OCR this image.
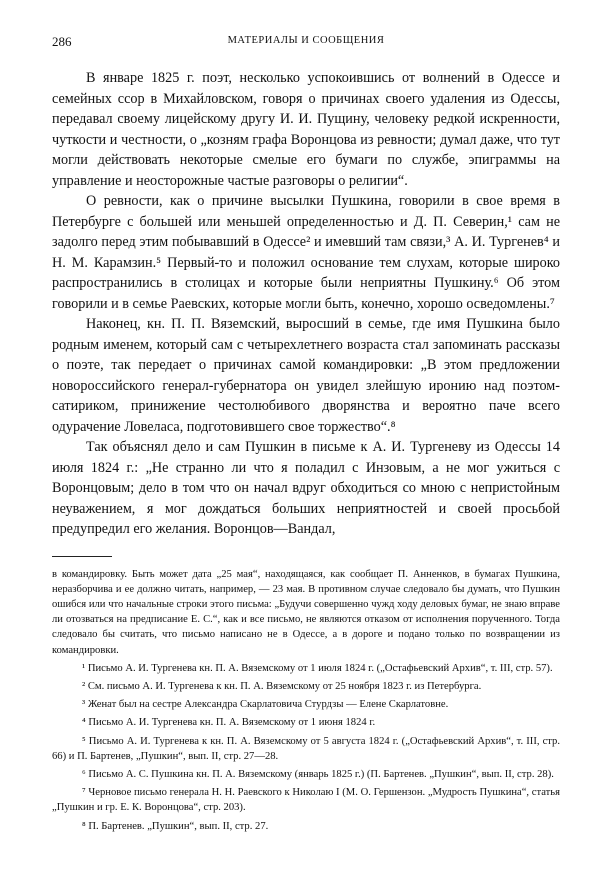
286	МАТЕРИАЛЫ И СООБЩЕНИЯ

В январе 1825 г. поэт, несколько успокоившись от волнений в Одессе и семейных ссор в Михайловском, говоря о причинах своего удаления из Одессы, передавал своему лицейскому другу И. И. Пущину, человеку редкой искренности, чуткости и честности, о „козням графа Воронцова из ревности; думал даже, что тут могли действовать некоторые смелые его бумаги по службе, эпиграммы на управление и неосторожные частые разговоры о религии“.

О ревности, как о причине высылки Пушкина, говорили в свое время в Петербурге с большей или меньшей определенностью и Д. П. Северин,¹ сам не задолго перед этим побывавший в Одессе² и имевший там связи,³ А. И. Тургенев⁴ и Н. М. Карамзин.⁵ Первый-то и положил основание тем слухам, которые широко распространились в столицах и которые были неприятны Пушкину.⁶ Об этом говорили и в семье Раевских, которые могли быть, конечно, хорошо осведомлены.⁷

Наконец, кн. П. П. Вяземский, выросший в семье, где имя Пушкина было родным именем, который сам с четырехлетнего возраста стал запоминать рассказы о поэте, так передает о причинах самой командировки: „В этом предложении новороссийского генерал-губернатора он увидел злейшую иронию над поэтом-сатириком, принижение честолюбивого дворянства и вероятно паче всего одурачение Ловеласа, подготовившего свое торжество“.⁸

Так объяснял дело и сам Пушкин в письме к А. И. Тургеневу из Одессы 14 июля 1824 г.: „Не странно ли что я поладил с Инзовым, а не мог ужиться с Воронцовым; дело в том что он начал вдруг обходиться со мною с непристойным неуважением, я мог дождаться больших неприятностей и своей просьбой предупредил его желания. Воронцов—Вандал,

в командировку. Быть может дата „25 мая“, находящаяся, как сообщает П. Анненков, в бумагах Пушкина, неразборчива и ее должно читать, например, — 23 мая. В противном случае следовало бы думать, что Пушкин ошибся или что начальные строки этого письма: „Будучи совершенно чужд ходу деловых бумаг, не знаю вправе ли отозваться на предписание Е. С.“, как и все письмо, не являются отказом от исполнения порученного. Тогда следовало бы считать, что письмо написано не в Одессе, а в дороге и подано только по возвращении из командировки.

¹ Письмо А. И. Тургенева кн. П. А. Вяземскому от 1 июля 1824 г. („Остафьевский Архив“, т. III, стр. 57).

² См. письмо А. И. Тургенева к кн. П. А. Вяземскому от 25 ноября 1823 г. из Петербурга.

³ Женат был на сестре Александра Скарлатовича Стурдзы — Елене Скарлатовне.

⁴ Письмо А. И. Тургенева кн. П. А. Вяземскому от 1 июня 1824 г.

⁵ Письмо А. И. Тургенева к кн. П. А. Вяземскому от 5 августа 1824 г. („Остафьевский Архив“, т. III, стр. 66) и П. Бартенев, „Пушкин“, вып. II, стр. 27—28.

⁶ Письмо А. С. Пушкина кн. П. А. Вяземскому (январь 1825 г.) (П. Бартенев. „Пушкин“, вып. II, стр. 28).

⁷ Черновое письмо генерала Н. Н. Раевского к Николаю I (М. О. Гершензон. „Мудрость Пушкина“, статья „Пушкин и гр. Е. К. Воронцова“, стр. 203).

⁸ П. Бартенев. „Пушкин“, вып. II, стр. 27.
